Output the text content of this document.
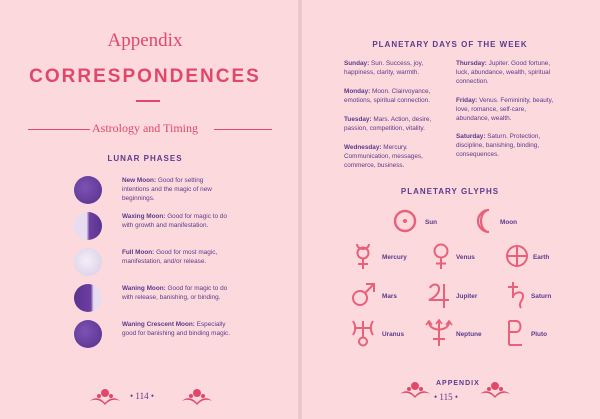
Appendix
CORRESPONDENCES
Astrology and Timing
LUNAR PHASES
New Moon: Good for setting intentions and the magic of new beginnings.
Waxing Moon: Good for magic to do with growth and manifestation.
Full Moon: Good for most magic, manifestation, and/or release.
Waning Moon: Good for magic to do with release, banishing, or binding.
Waning Crescent Moon: Especially good for banishing and binding magic.
• 114 •
PLANETARY DAYS OF THE WEEK
Sunday: Sun. Success, joy, happiness, clarity, warmth.
Monday: Moon. Clairvoyance, emotions, spiritual connection.
Tuesday: Mars. Action, desire, passion, competition, vitality.
Wednesday: Mercury. Communication, messages, commerce, business.
Thursday: Jupiter. Good fortune, luck, abundance, wealth, spiritual connection.
Friday: Venus. Femininity, beauty, love, romance, self-care, abundance, wealth.
Saturday: Saturn. Protection, discipline, banishing, binding, consequences.
PLANETARY GLYPHS
Sun	Moon
Mercury	Venus	Earth
Mars	Jupiter	Saturn
Uranus	Neptune	Pluto
APPENDIX
• 115 •
